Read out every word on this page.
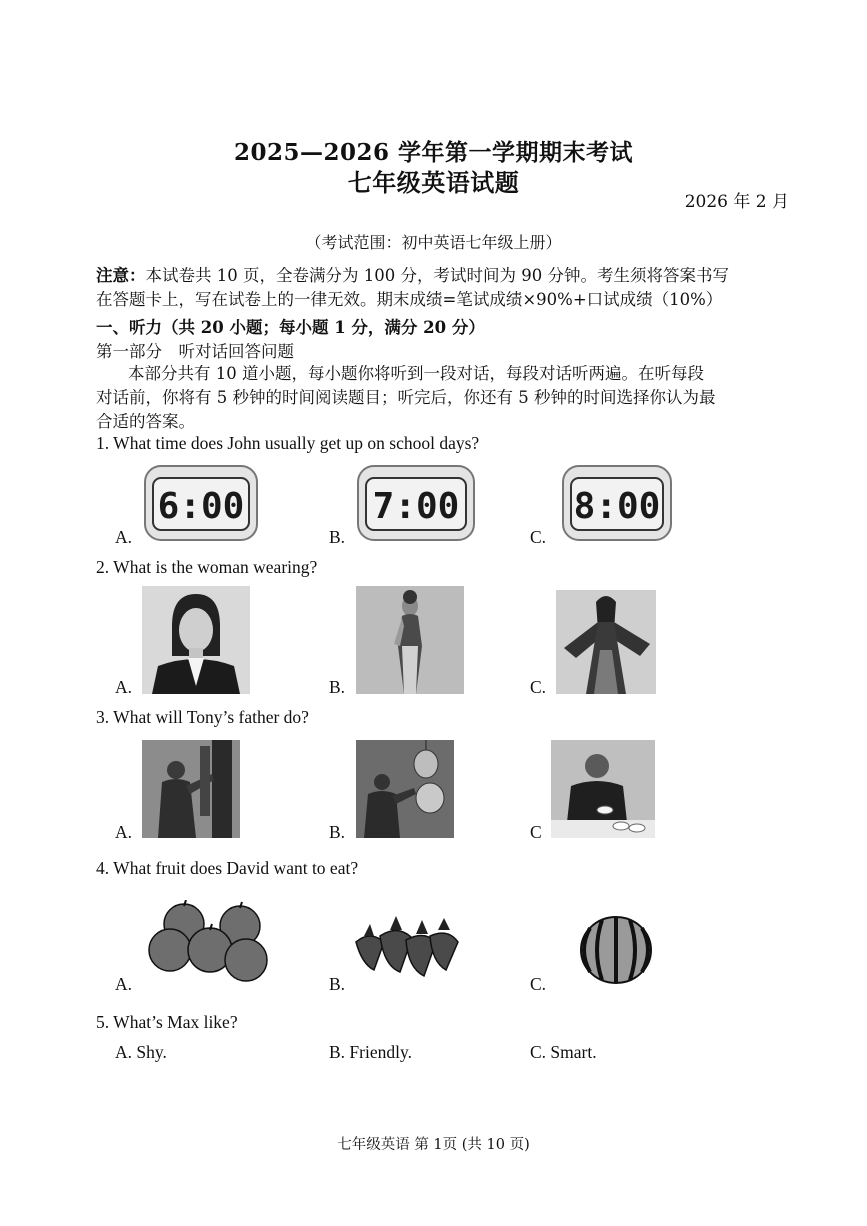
2025—2026 学年第一学期期末考试
七年级英语试题
2026 年 2 月
（考试范围：初中英语七年级上册）
注意：本试卷共 10 页，全卷满分为 100 分，考试时间为 90 分钟。考生须将答案书写
在答题卡上，写在试卷上的一律无效。期末成绩=笔试成绩×90%+口试成绩（10%）
一、听力（共 20 小题；每小题 1 分，满分 20 分）
第一部分　听对话回答问题
本部分共有 10 道小题，每小题你将听到一段对话，每段对话听两遍。在听每段
对话前，你将有 5 秒钟的时间阅读题目；听完后，你还有 5 秒钟的时间选择你认为最
合适的答案。
1. What time does John usually get up on school days?
A.	B.	C.
6:00	7:00	8:00
2. What is the woman wearing?
A.	B.	C.
3. What will Tony’s father do?
A.	B.	C
4. What fruit does David want to eat?
A.	B.	C.
5. What’s Max like?
A. Shy.	B. Friendly.	C. Smart.
七年级英语 第 1页 (共 10 页)
